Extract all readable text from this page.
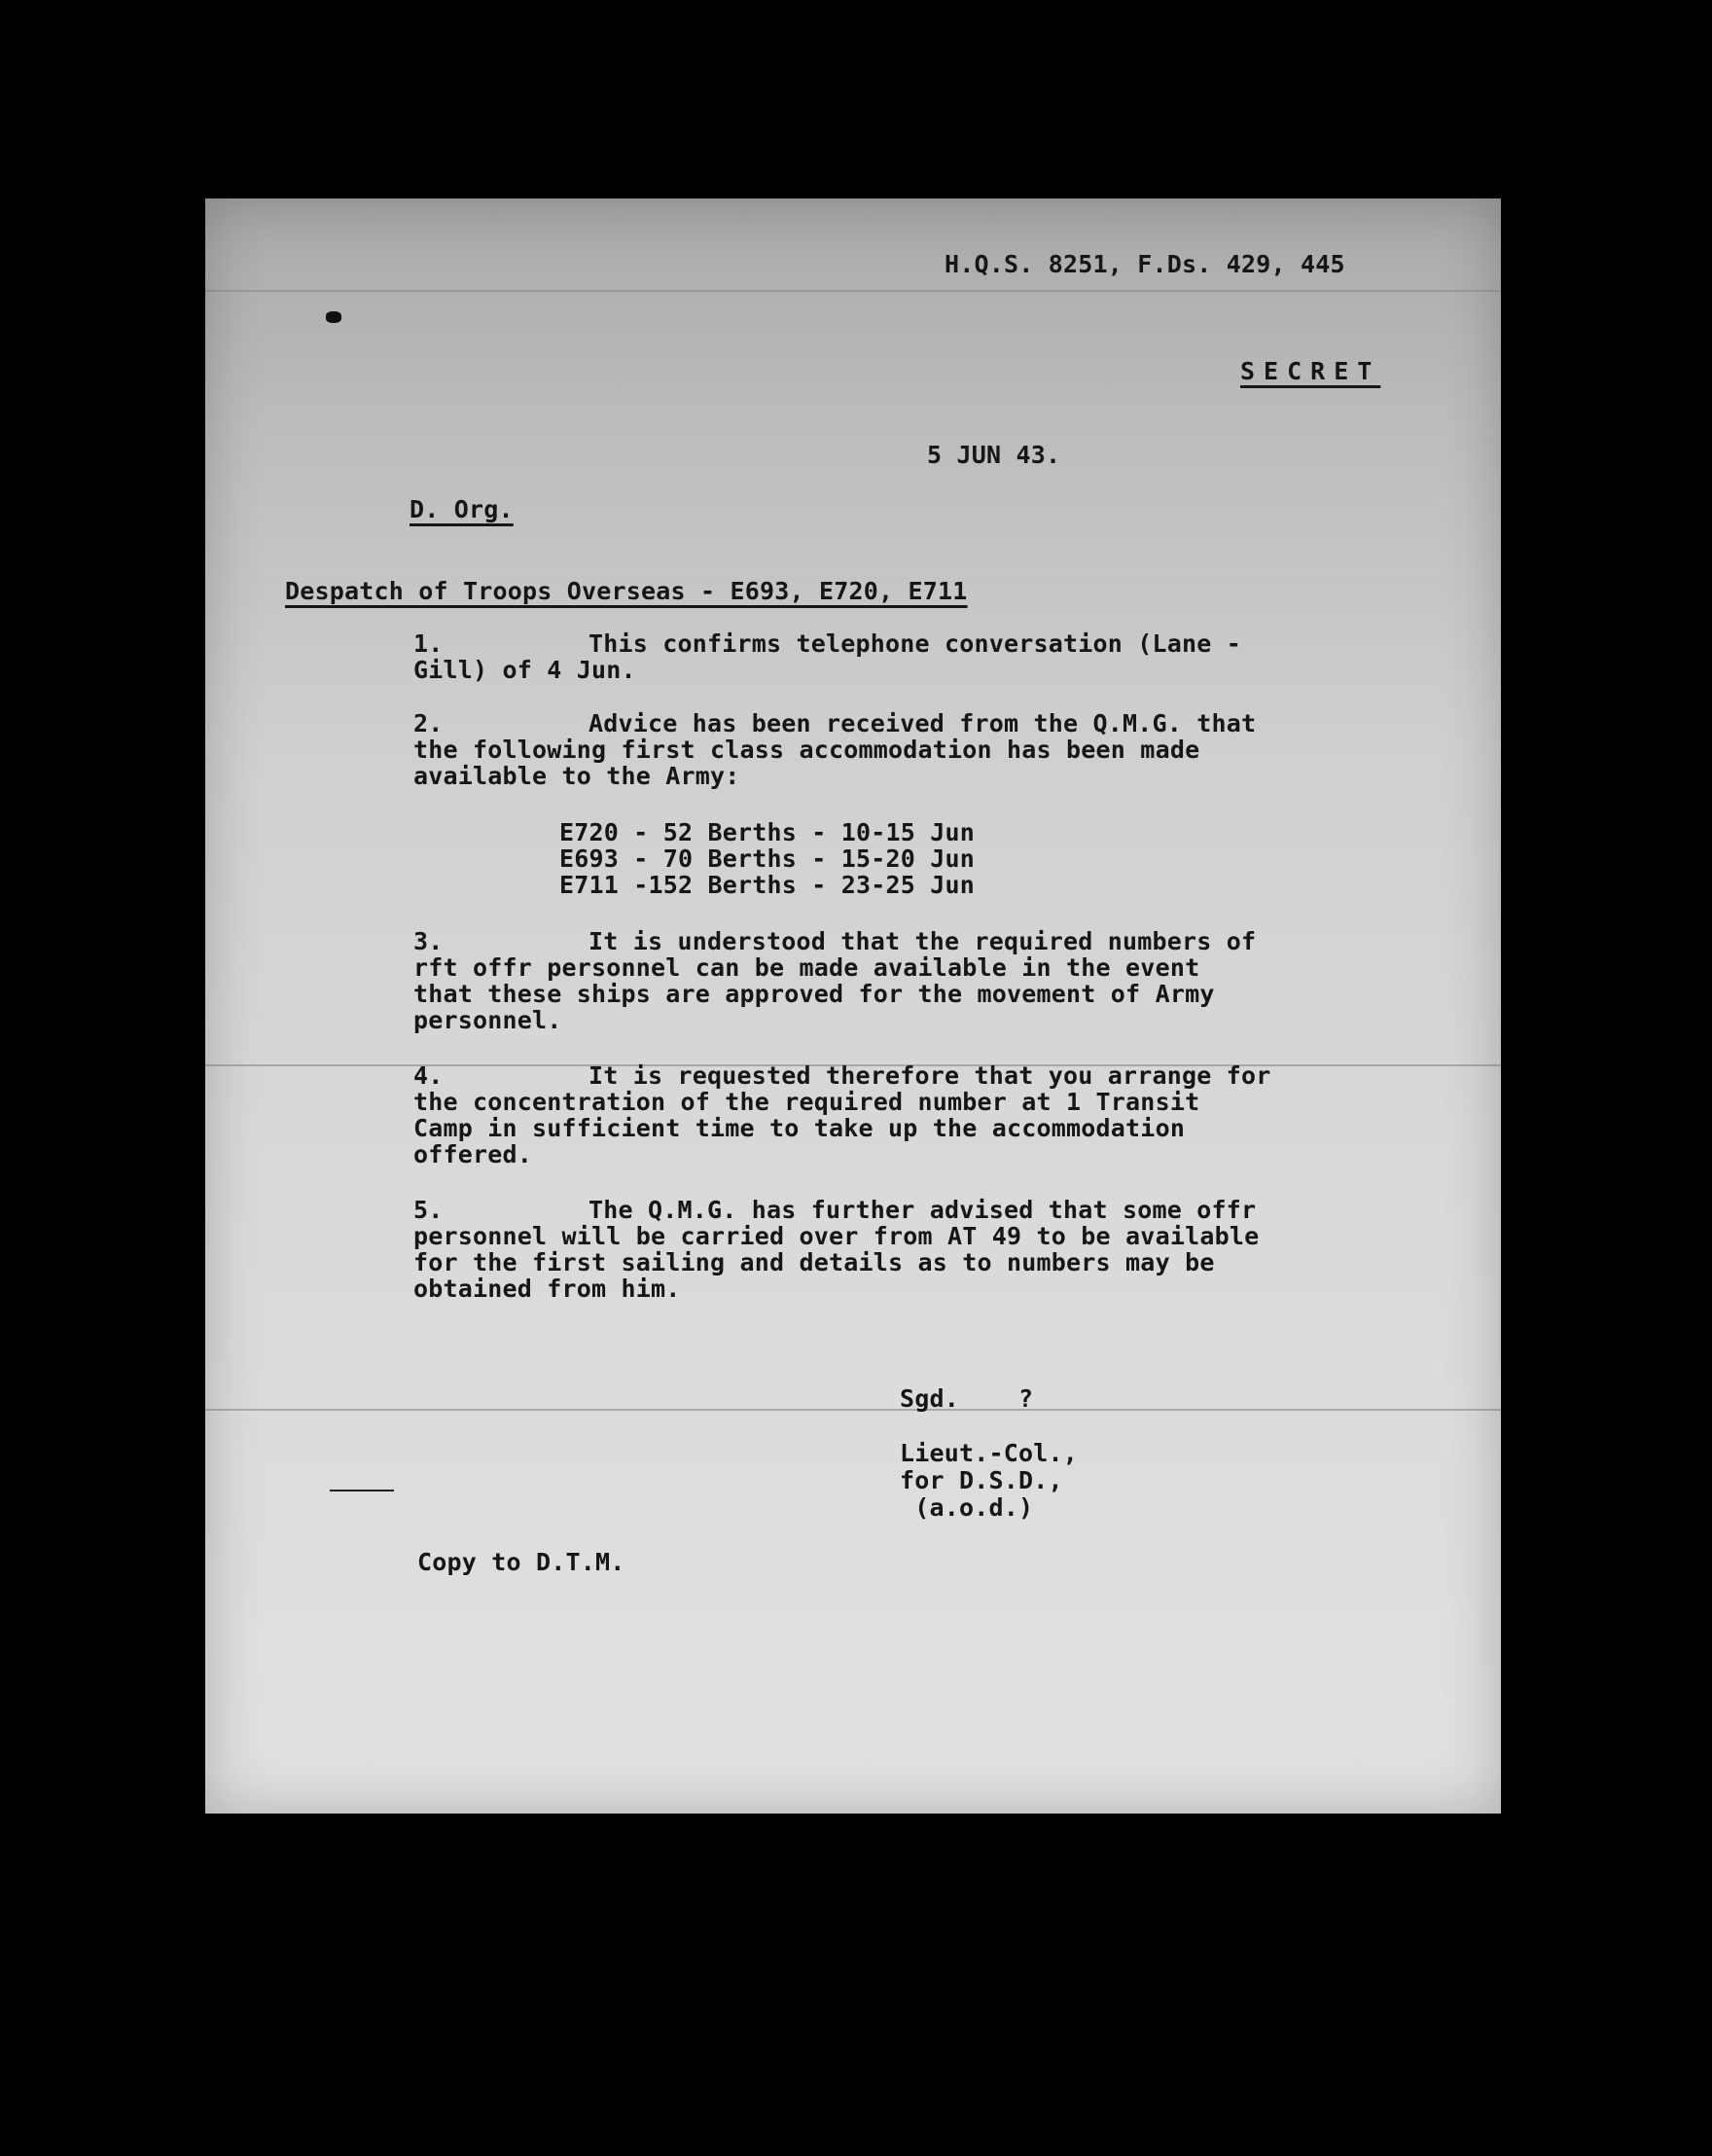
H.Q.S. 8251, F.Ds. 429, 445
SECRET
5 JUN 43.
D. Org.
Despatch of Troops Overseas - E693, E720, E711
1.	This confirms telephone conversation (Lane -
Gill) of 4 Jun.
2.	Advice has been received from the Q.M.G. that
the following first class accommodation has been made
available to the Army:
E720 - 52 Berths - 10-15 Jun
E693 - 70 Berths - 15-20 Jun
E711 -152 Berths - 23-25 Jun
3.	It is understood that the required numbers of
rft offr personnel can be made available in the event
that these ships are approved for the movement of Army
personnel.
4.	It is requested therefore that you arrange for
the concentration of the required number at 1 Transit
Camp in sufficient time to take up the accommodation
offered.
5.	The Q.M.G. has further advised that some offr
personnel will be carried over from AT 49 to be available
for the first sailing and details as to numbers may be
obtained from him.
Sgd.    ?
Lieut.-Col.,
for D.S.D.,
(a.o.d.)
Copy to D.T.M.
